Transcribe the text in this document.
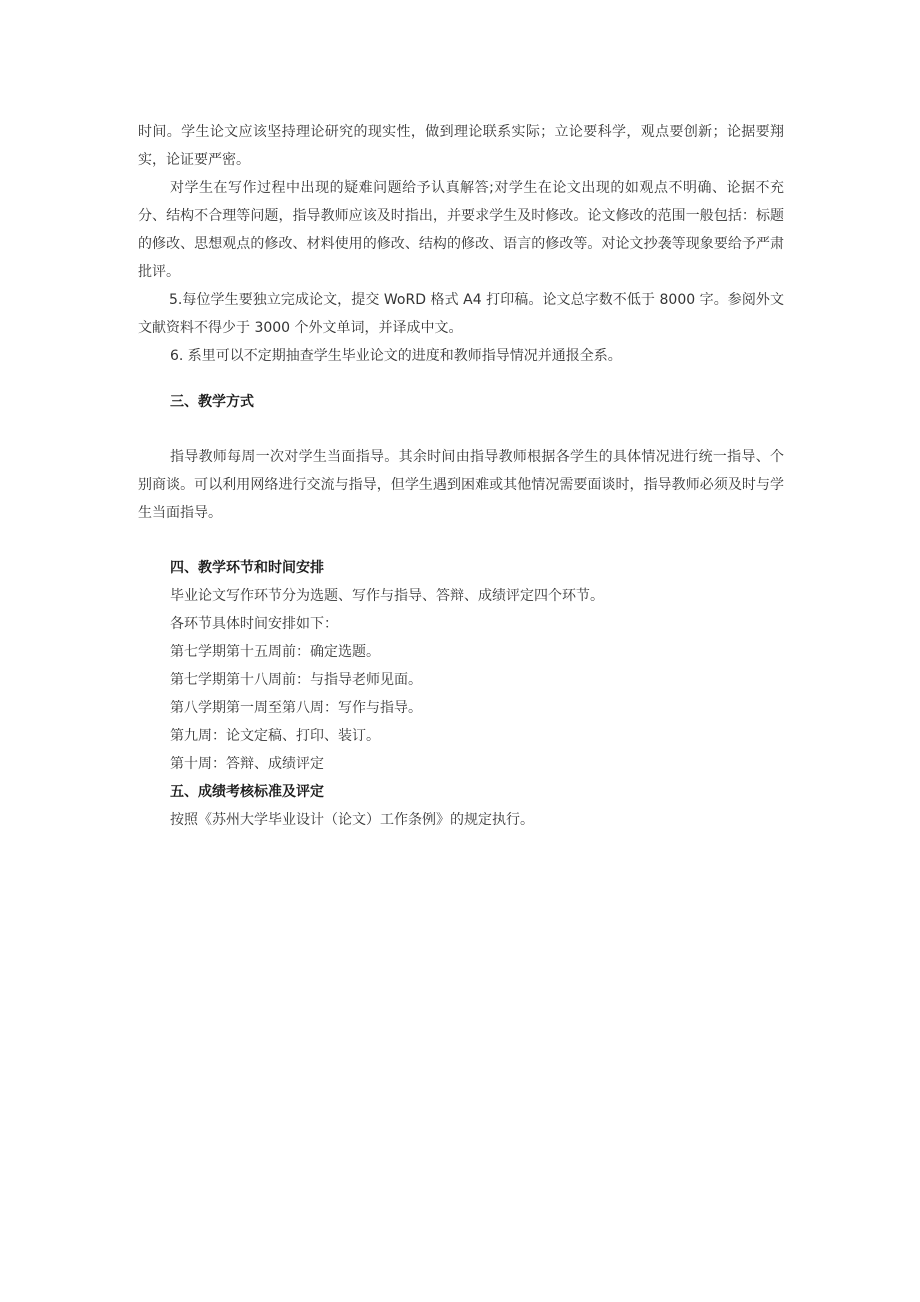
时间。学生论文应该坚持理论研究的现实性，做到理论联系实际；立论要科学，观点要创新；论据要翔实，论证要严密。

对学生在写作过程中出现的疑难问题给予认真解答;对学生在论文出现的如观点不明确、论据不充分、结构不合理等问题，指导教师应该及时指出，并要求学生及时修改。论文修改的范围一般包括：标题的修改、思想观点的修改、材料使用的修改、结构的修改、语言的修改等。对论文抄袭等现象要给予严肃批评。

5.每位学生要独立完成论文，提交 WoRD 格式 A4 打印稿。论文总字数不低于 8000 字。参阅外文文献资料不得少于 3000 个外文单词，并译成中文。

6. 系里可以不定期抽查学生毕业论文的进度和教师指导情况并通报全系。

三、教学方式

指导教师每周一次对学生当面指导。其余时间由指导教师根据各学生的具体情况进行统一指导、个别商谈。可以利用网络进行交流与指导，但学生遇到困难或其他情况需要面谈时，指导教师必须及时与学生当面指导。

四、教学环节和时间安排

毕业论文写作环节分为选题、写作与指导、答辩、成绩评定四个环节。

各环节具体时间安排如下：

第七学期第十五周前：确定选题。

第七学期第十八周前：与指导老师见面。

第八学期第一周至第八周：写作与指导。

第九周：论文定稿、打印、装订。

第十周：答辩、成绩评定

五、成绩考核标准及评定

按照《苏州大学毕业设计（论文）工作条例》的规定执行。
